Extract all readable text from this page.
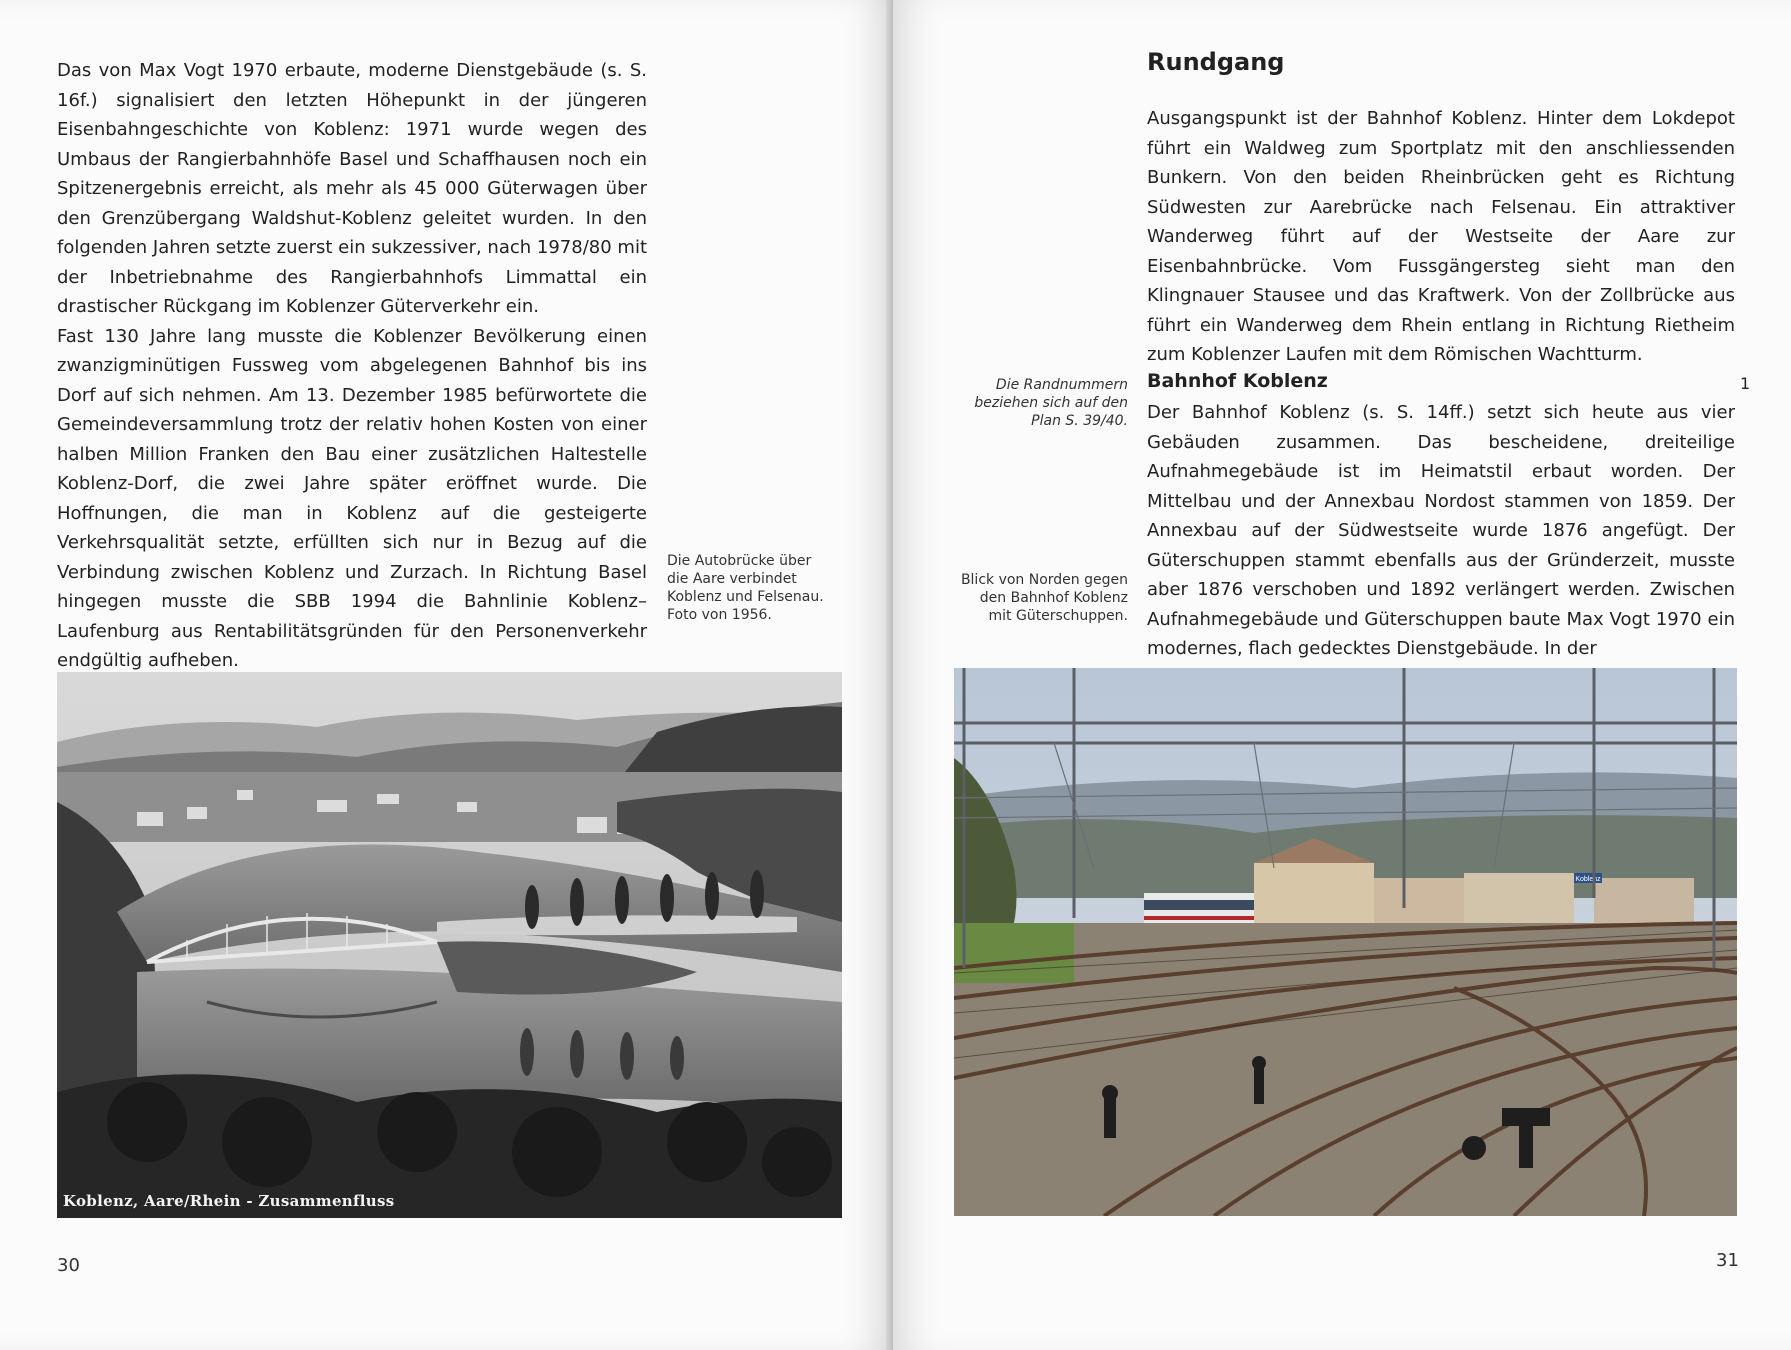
Das von Max Vogt 1970 erbaute, moderne Dienstgebäude (s. S. 16f.) signalisiert den letzten Höhepunkt in der jüngeren Eisenbahngeschichte von Koblenz: 1971 wurde wegen des Umbaus der Rangierbahnhöfe Basel und Schaffhausen noch ein Spitzenergebnis erreicht, als mehr als 45 000 Güterwagen über den Grenzübergang Waldshut-Koblenz geleitet wurden. In den folgenden Jahren setzte zuerst ein sukzessiver, nach 1978/80 mit der Inbetriebnahme des Rangierbahnhofs Limmattal ein drastischer Rückgang im Koblenzer Güterverkehr ein.

Fast 130 Jahre lang musste die Koblenzer Bevölkerung einen zwanzigminütigen Fussweg vom abgelegenen Bahnhof bis ins Dorf auf sich nehmen. Am 13. Dezember 1985 befürwortete die Gemeindeversammlung trotz der relativ hohen Kosten von einer halben Million Franken den Bau einer zusätzlichen Haltestelle Koblenz-Dorf, die zwei Jahre später eröffnet wurde. Die Hoffnungen, die man in Koblenz auf die gesteigerte Verkehrsqualität setzte, erfüllten sich nur in Bezug auf die Verbindung zwischen Koblenz und Zurzach. In Richtung Basel hingegen musste die SBB 1994 die Bahnlinie Koblenz–Laufenburg aus Rentabilitätsgründen für den Personenverkehr endgültig aufheben.

Die Autobrücke über die Aare verbindet Koblenz und Felsenau. Foto von 1956.
Koblenz, Aare/Rhein - Zusammenfluss
30
Rundgang

Ausgangspunkt ist der Bahnhof Koblenz. Hinter dem Lokdepot führt ein Waldweg zum Sportplatz mit den anschliessenden Bunkern. Von den beiden Rheinbrücken geht es Richtung Südwesten zur Aarebrücke nach Felsenau. Ein attraktiver Wanderweg führt auf der Westseite der Aare zur Eisenbahnbrücke. Vom Fussgängersteg sieht man den Klingnauer Stausee und das Kraftwerk. Von der Zollbrücke aus führt ein Wanderweg dem Rhein entlang in Richtung Rietheim zum Koblenzer Laufen mit dem Römischen Wachtturm.

Die Randnummern beziehen sich auf den Plan S. 39/40.
Bahnhof Koblenz	1

Der Bahnhof Koblenz (s. S. 14ff.) setzt sich heute aus vier Gebäuden zusammen. Das bescheidene, dreiteilige Aufnahmegebäude ist im Heimatstil erbaut worden. Der Mittelbau und der Annexbau Nordost stammen von 1859. Der Annexbau auf der Südwestseite wurde 1876 angefügt. Der Güterschuppen stammt ebenfalls aus der Gründerzeit, musste aber 1876 verschoben und 1892 verlängert werden. Zwischen Aufnahmegebäude und Güterschuppen baute Max Vogt 1970 ein modernes, flach gedecktes Dienstgebäude. In der

Blick von Norden gegen den Bahnhof Koblenz mit Güterschuppen.
Koblenz
31
